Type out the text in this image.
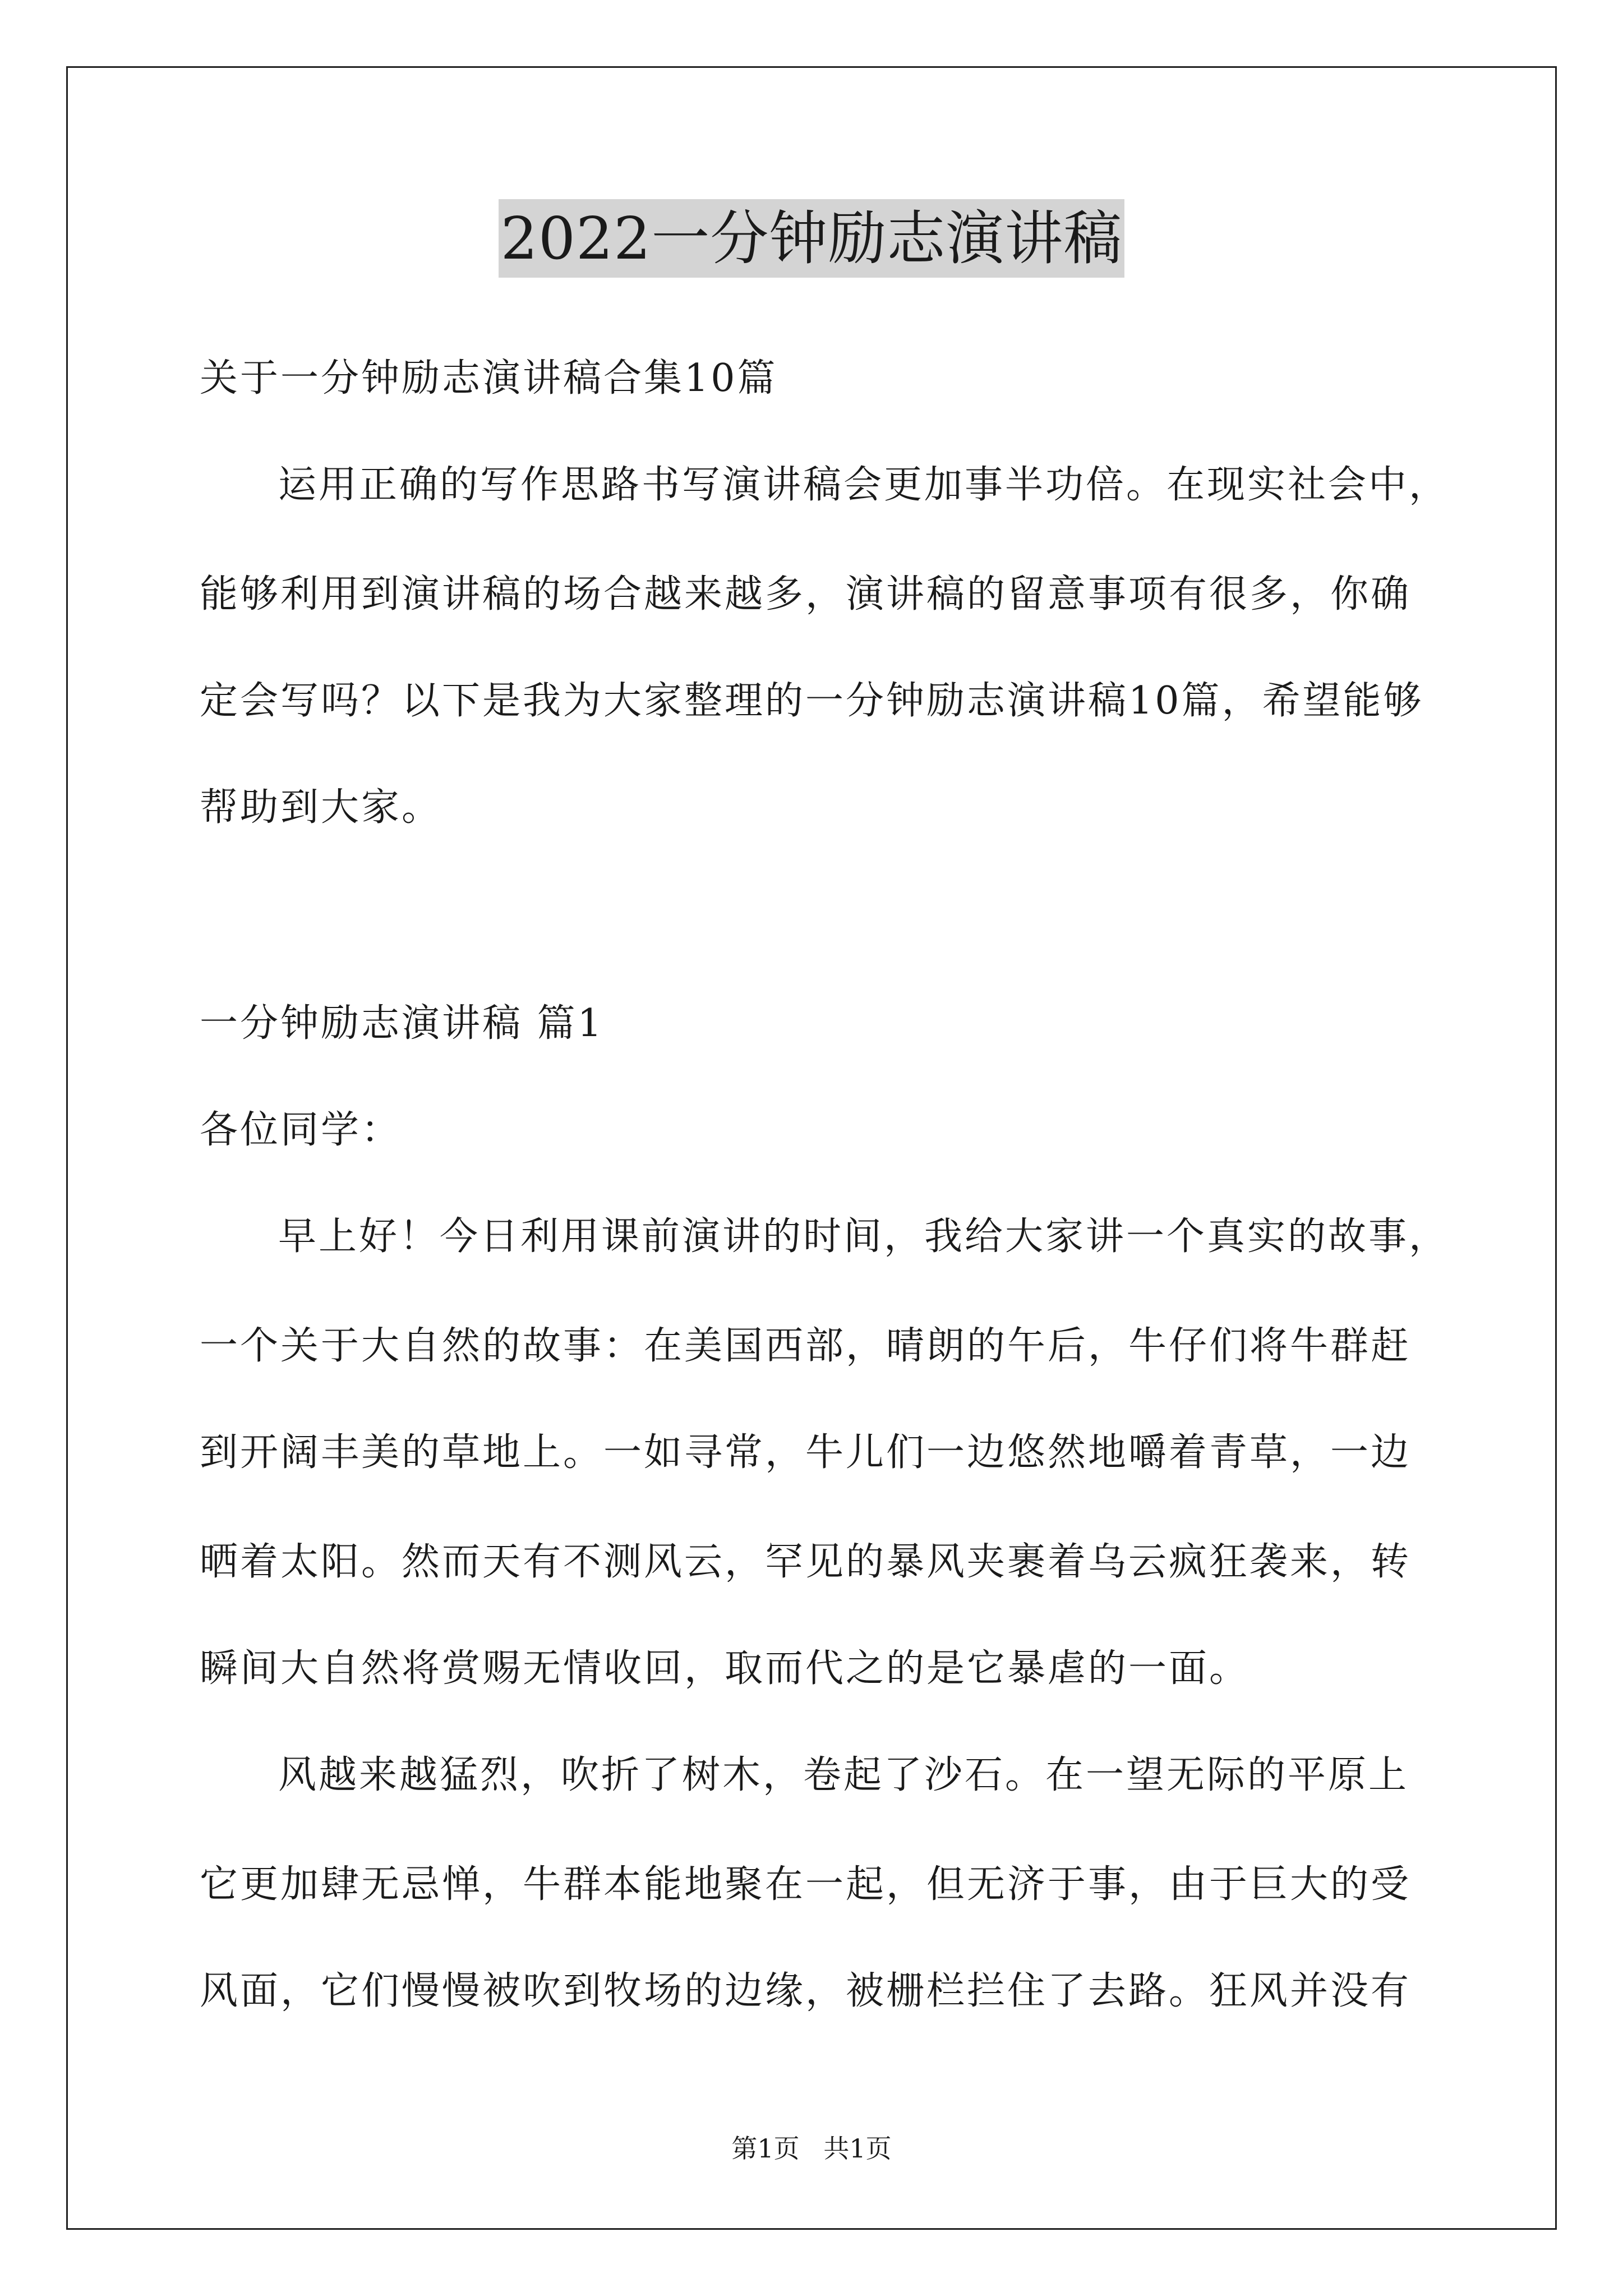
2022一分钟励志演讲稿
关于一分钟励志演讲稿合集10篇
运用正确的写作思路书写演讲稿会更加事半功倍。在现实社会中，
能够利用到演讲稿的场合越来越多，演讲稿的留意事项有很多，你确
定会写吗？以下是我为大家整理的一分钟励志演讲稿10篇，希望能够
帮助到大家。
一分钟励志演讲稿 篇1
各位同学：
早上好！今日利用课前演讲的时间，我给大家讲一个真实的故事，
一个关于大自然的故事：在美国西部，晴朗的午后，牛仔们将牛群赶
到开阔丰美的草地上。一如寻常，牛儿们一边悠然地嚼着青草，一边
晒着太阳。然而天有不测风云，罕见的暴风夹裹着乌云疯狂袭来，转
瞬间大自然将赏赐无情收回，取而代之的是它暴虐的一面。
风越来越猛烈，吹折了树木，卷起了沙石。在一望无际的平原上
它更加肆无忌惮，牛群本能地聚在一起，但无济于事，由于巨大的受
风面，它们慢慢被吹到牧场的边缘，被栅栏拦住了去路。狂风并没有
第1页 共1页
